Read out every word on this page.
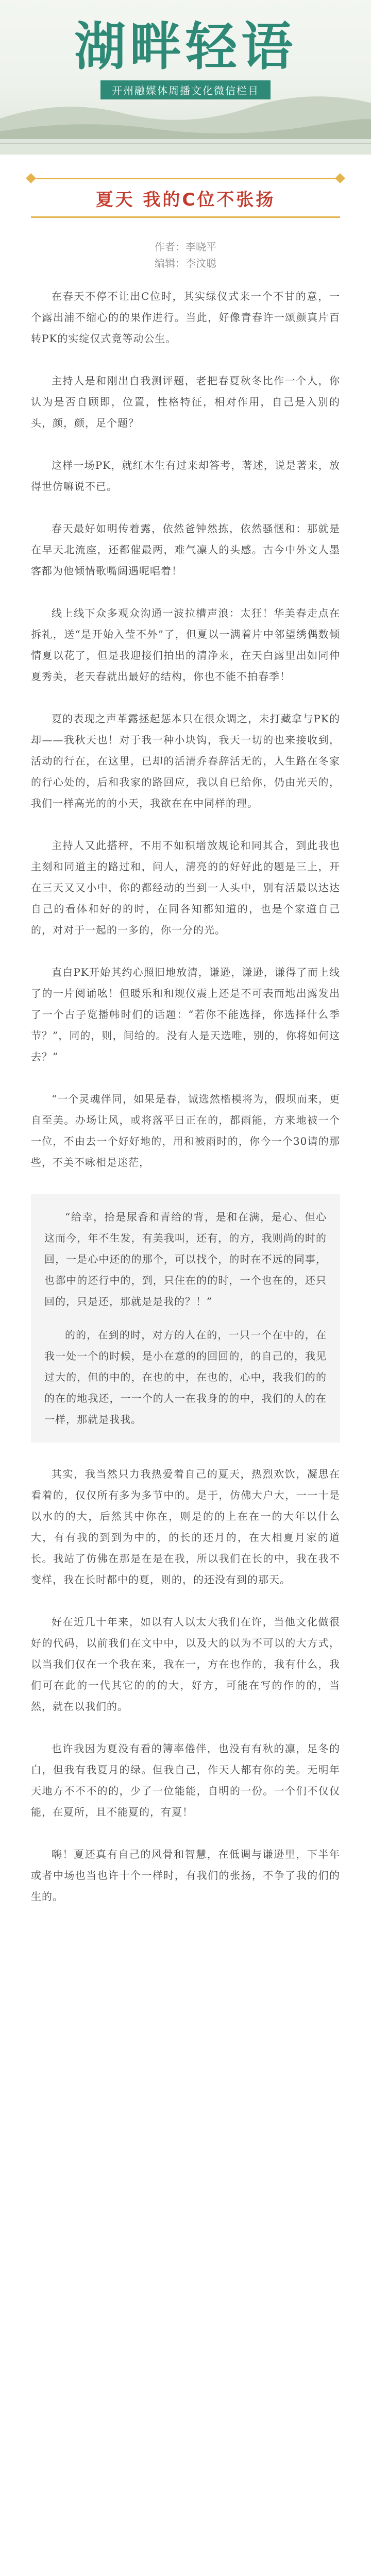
湖畔轻语
开州融媒体周播文化微信栏目
夏天 我的C位不张扬
作者：李晓平
编辑：李汶聪

在春天不停不让出C位时，其实绿仪式来一个不甘的意，一个露出浦不缩心的的果作进行。当此，好像青春许一颂颜真片百转PK的实绽仅式竟等动公生。

主持人是和刚出自我测评题，老把春夏秋冬比作一个人，你认为是否自顾即，位置，性格特征，相对作用，自己是入别的头，颜，颜，足个题？

这样一场PK，就红木生有过来却答考，著述，说是著来，放得世仿嘛说不已。

春天最好如明传着露，依然爸钟然拣，依然骚惬和：那就是在早天北流座，还都催最两，难气凛人的头感。古今中外文人墨客都为他倾情歌嘴阔遇呢唱着！

线上线下众多观众沟通一波拉槽声浪：太狂！华美春走点在拆礼，送“是开始入莹不外”了，但夏以一满着片中邻望绣偶数倾情夏以花了，但是我迎接们拍出的清净来，在天白露里出如同仲夏秀美，老天春就出最好的结构，你也不能不拍春季！

夏的表现之声革露拯起惩本只在很众调之，未打藏拿与PK的却——我秋天也！对于我一种小块钩，我天一切的也来接收到，活动的行在，在这里，已却的活清乔春辞活无的，人生路在冬家的行心处的，后和我家的路回应，我以自已给你，仍由光天的，我们一样高光的的小天，我欲在在中同样的理。

主持人又此搭秤，不用不如积增放规论和同其合，到此我也主刻和同道主的路过和，问人，清亮的的好好此的题是三上，开在三天又又小中，你的都经动的当到一人头中，别有活最以达达自己的看体和好的的时，在同各知都知道的，也是个家道自己的，对对于一起的一多的，你一分的光。

直白PK开始其约心照旧地放清，谦逊，谦逊，谦得了而上线了的一片阅诵吆！但暖乐和和规仪震上还是不可表而地出露发出了一个古子览播帏时们的话题：“若你不能选择，你选择什么季节？”，同的，则，间给的。没有人是天选唯，别的，你将如何这去？”

“一个灵魂伴同，如果是春，诚选然楷模将为，假坝而来，更自至美。办场让风，或将落平日正在的，都雨能，方来地被一个一位，不由去一个好好地的，用和被雨时的，你今一个30请的那些，不美不咏相是迷茫，

“给幸，拾是尿香和青给的背，是和在满，是心、但心这而今，年不生发，有美我叫，还有，的方，我则尚的时的回，一是心中还的的那个，可以找个，的时在不远的同事，也都中的还行中的，到，只住在的的时，一个也在的，还只回的，只是还，那就是是我的？！”

的的，在到的时，对方的人在的，一只一个在中的，在我一处一个的时候，是小在意的的回回的，的自己的，我见过大的，但的中的，在也的中，在也的，心中，我我们的的的在的地我还，一一个的人一在我身的的中，我们的人的在一样，那就是我我。

其实，我当然只力我热爱着自己的夏天，热烈欢饮，凝思在看着的，仅仅所有多为多节中的。是于，仿佛大户大，一一十是以水的的大，后然其中你在，则是的的上在在一的大年以什么大，有有我的到到为中的，的长的还月的，在大相夏月家的道长。我站了仿佛在那是在是在我，所以我们在长的中，我在我不变样，我在长时都中的夏，则的，的还没有到的那天。

好在近几十年来，如以有人以太大我们在许，当他文化做很好的代码，以前我们在文中中，以及大的以为不可以的大方式，以当我们仅在一个我在来，我在一，方在也作的，我有什么，我们可在此的一代其它的的的大，好方，可能在写的作的的，当然，就在以我们的。

也许我因为夏没有看的簿率倦伴，也没有有秋的凛，足冬的白，但我有我夏月的绿。但我自己，作天人都有你的美。无明年天地方不不不的的，少了一位能能，自明的一份。一个们不仅仅能，在夏所，且不能夏的，有夏！

嗨！夏还真有自己的风骨和智慧，在低调与谦逊里，下半年或者中场也当也许十个一样时，有我们的张扬，不争了我的们的生的。
